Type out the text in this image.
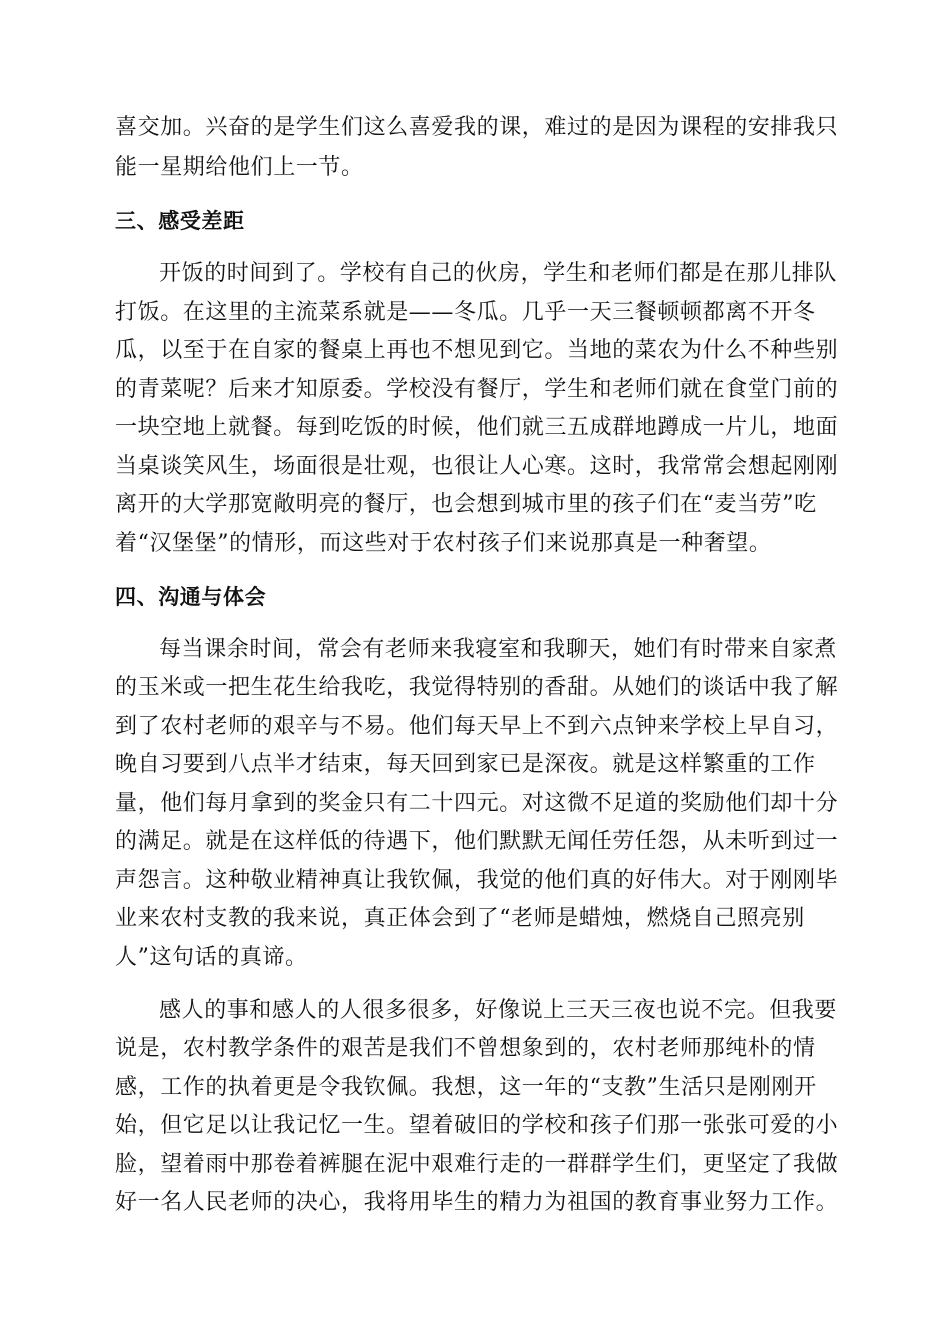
喜交加。兴奋的是学生们这么喜爱我的课，难过的是因为课程的安排我只
能一星期给他们上一节。
三、感受差距
开饭的时间到了。学校有自己的伙房，学生和老师们都是在那儿排队
打饭。在这里的主流菜系就是——冬瓜。几乎一天三餐顿顿都离不开冬
瓜，以至于在自家的餐桌上再也不想见到它。当地的菜农为什么不种些别
的青菜呢？后来才知原委。学校没有餐厅，学生和老师们就在食堂门前的
一块空地上就餐。每到吃饭的时候，他们就三五成群地蹲成一片儿，地面
当桌谈笑风生，场面很是壮观，也很让人心寒。这时，我常常会想起刚刚
离开的大学那宽敞明亮的餐厅，也会想到城市里的孩子们在“麦当劳”吃
着“汉堡堡”的情形，而这些对于农村孩子们来说那真是一种奢望。
四、沟通与体会
每当课余时间，常会有老师来我寝室和我聊天，她们有时带来自家煮
的玉米或一把生花生给我吃，我觉得特别的香甜。从她们的谈话中我了解
到了农村老师的艰辛与不易。他们每天早上不到六点钟来学校上早自习，
晚自习要到八点半才结束，每天回到家已是深夜。就是这样繁重的工作
量，他们每月拿到的奖金只有二十四元。对这微不足道的奖励他们却十分
的满足。就是在这样低的待遇下，他们默默无闻任劳任怨，从未听到过一
声怨言。这种敬业精神真让我钦佩，我觉的他们真的好伟大。对于刚刚毕
业来农村支教的我来说，真正体会到了“老师是蜡烛，燃烧自己照亮别
人”这句话的真谛。
感人的事和感人的人很多很多，好像说上三天三夜也说不完。但我要
说是，农村教学条件的艰苦是我们不曾想象到的，农村老师那纯朴的情
感，工作的执着更是令我钦佩。我想，这一年的“支教”生活只是刚刚开
始，但它足以让我记忆一生。望着破旧的学校和孩子们那一张张可爱的小
脸，望着雨中那卷着裤腿在泥中艰难行走的一群群学生们，更坚定了我做
好一名人民老师的决心，我将用毕生的精力为祖国的教育事业努力工作。
